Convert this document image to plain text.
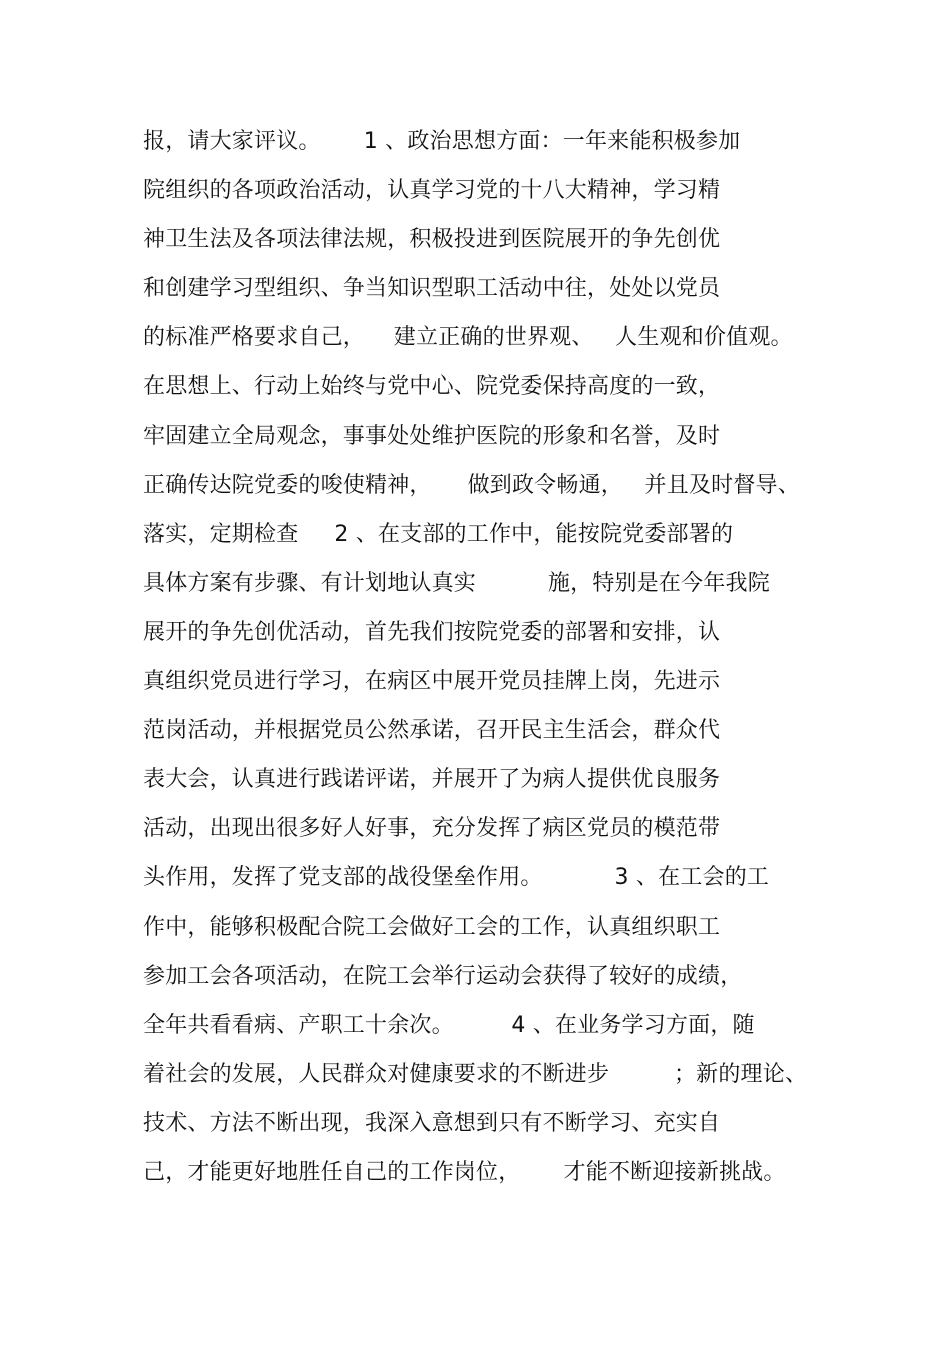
报，请大家评议。      1 、政治思想方面：一年来能积极参加
院组织的各项政治活动，认真学习党的十八大精神，学习精
神卫生法及各项法律法规，积极投进到医院展开的争先创优
和创建学习型组织、争当知识型职工活动中往，处处以党员
的标准严格要求自己，    建立正确的世界观、   人生观和价值观。
在思想上、行动上始终与党中心、院党委保持高度的一致，
牢固建立全局观念，事事处处维护医院的形象和名誉，及时
正确传达院党委的唆使精神，     做到政令畅通，   并且及时督导、
落实，定期检查     2 、在支部的工作中，能按院党委部署的
具体方案有步骤、有计划地认真实          施，特别是在今年我院
展开的争先创优活动，首先我们按院党委的部署和安排，认
真组织党员进行学习，在病区中展开党员挂牌上岗，先进示
范岗活动，并根据党员公然承诺，召开民主生活会，群众代
表大会，认真进行践诺评诺，并展开了为病人提供优良服务
活动，出现出很多好人好事，充分发挥了病区党员的模范带
头作用，发挥了党支部的战役堡垒作用。          3 、在工会的工
作中，能够积极配合院工会做好工会的工作，认真组织职工
参加工会各项活动，在院工会举行运动会获得了较好的成绩，
全年共看看病、产职工十余次。        4 、在业务学习方面，随
着社会的发展，人民群众对健康要求的不断进步         ；新的理论、
技术、方法不断出现，我深入意想到只有不断学习、充实自
己，才能更好地胜任自己的工作岗位，      才能不断迎接新挑战。
